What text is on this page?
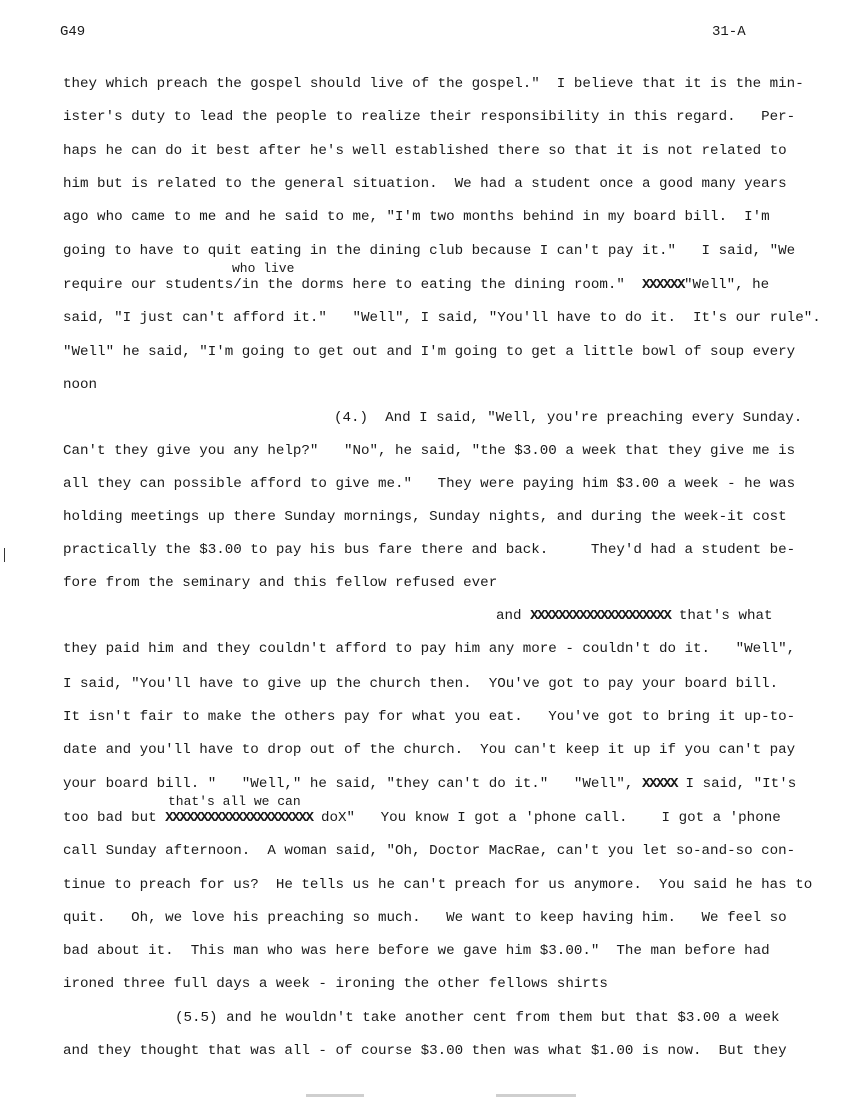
G49	31-A
they which preach the gospel should live of the gospel."  I believe that it is the min-
ister's duty to lead the people to realize their responsibility in this regard.   Per-
haps he can do it best after he's well established there so that it is not related to
him but is related to the general situation.  We had a student once a good many years
ago who came to me and he said to me, "I'm two months behind in my board bill.  I'm
going to have to quit eating in the dining club because I can't pay it."   I said, "We
who live
require our students/in the dorms here to eating the dining room."  XXXXXX"Well", he
said, "I just can't afford it."   "Well", I said, "You'll have to do it.  It's our rule".
"Well" he said, "I'm going to get out and I'm going to get a little bowl of soup every
noon
(4.)  And I said, "Well, you're preaching every Sunday.
Can't they give you any help?"   "No", he said, "the $3.00 a week that they give me is
all they can possible afford to give me."   They were paying him $3.00 a week - he was
holding meetings up there Sunday mornings, Sunday nights, and during the week-it cost
practically the $3.00 to pay his bus fare there and back.     They'd had a student be-
fore from the seminary and this fellow refused ever
and XXXXXXXXXXXXXXXXXXXX that's what
they paid him and they couldn't afford to pay him any more - couldn't do it.   "Well",
I said, "You'll have to give up the church then.  YOu've got to pay your board bill.
It isn't fair to make the others pay for what you eat.   You've got to bring it up-to-
date and you'll have to drop out of the church.  You can't keep it up if you can't pay
your board bill. "   "Well," he said, "they can't do it."   "Well", XXXXX I said, "It's
that's all we can
too bad but XXXXXXXXXXXXXXXXXXXXX doX"   You know I got a 'phone call.    I got a 'phone
call Sunday afternoon.  A woman said, "Oh, Doctor MacRae, can't you let so-and-so con-
tinue to preach for us?  He tells us he can't preach for us anymore.  You said he has to
quit.   Oh, we love his preaching so much.   We want to keep having him.   We feel so
bad about it.  This man who was here before we gave him $3.00."  The man before had
ironed three full days a week - ironing the other fellows shirts
(5.5) and he wouldn't take another cent from them but that $3.00 a week
and they thought that was all - of course $3.00 then was what $1.00 is now.  But they
